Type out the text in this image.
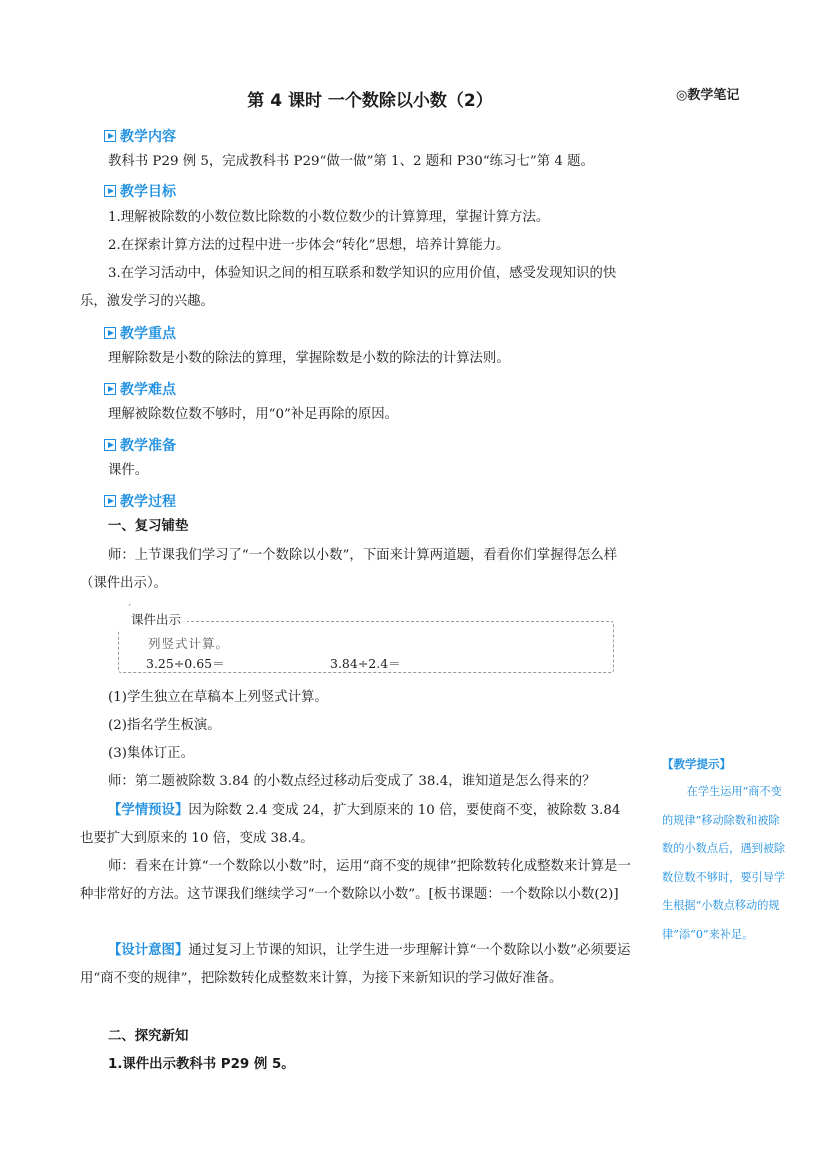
第 4 课时 一个数除以小数（2）	◎教学笔记
教学内容
教科书 P29 例 5，完成教科书 P29“做一做”第 1、2 题和 P30“练习七”第 4 题。
教学目标
1.理解被除数的小数位数比除数的小数位数少的计算算理，掌握计算方法。
2.在探索计算方法的过程中进一步体会“转化”思想，培养计算能力。
3.在学习活动中，体验知识之间的相互联系和数学知识的应用价值，感受发现知识的快乐，激发学习的兴趣。
教学重点
理解除数是小数的除法的算理，掌握除数是小数的除法的计算法则。
教学难点
理解被除数位数不够时，用“0”补足再除的原因。
教学准备
课件。
教学过程
一、复习铺垫
师：上节课我们学习了“一个数除以小数”，下面来计算两道题，看看你们掌握得怎么样（课件出示）。
课件出示
列竖式计算。
3.25÷0.65＝	3.84÷2.4＝
(1)学生独立在草稿本上列竖式计算。
(2)指名学生板演。
(3)集体订正。
师：第二题被除数 3.84 的小数点经过移动后变成了 38.4，谁知道是怎么得来的？
【学情预设】因为除数 2.4 变成 24，扩大到原来的 10 倍，要使商不变，被除数 3.84 也要扩大到原来的 10 倍，变成 38.4。
师：看来在计算“一个数除以小数”时，运用“商不变的规律”把除数转化成整数来计算是一种非常好的方法。这节课我们继续学习“一个数除以小数”。[板书课题：一个数除以小数(2)]
【设计意图】通过复习上节课的知识，让学生进一步理解计算“一个数除以小数”必须要运用“商不变的规律”，把除数转化成整数来计算，为接下来新知识的学习做好准备。
二、探究新知
1.课件出示教科书 P29 例 5。
【教学提示】
在学生运用“商不变的规律”移动除数和被除数的小数点后，遇到被除数位数不够时，要引导学生根据“小数点移动的规律”添“0”来补足。
